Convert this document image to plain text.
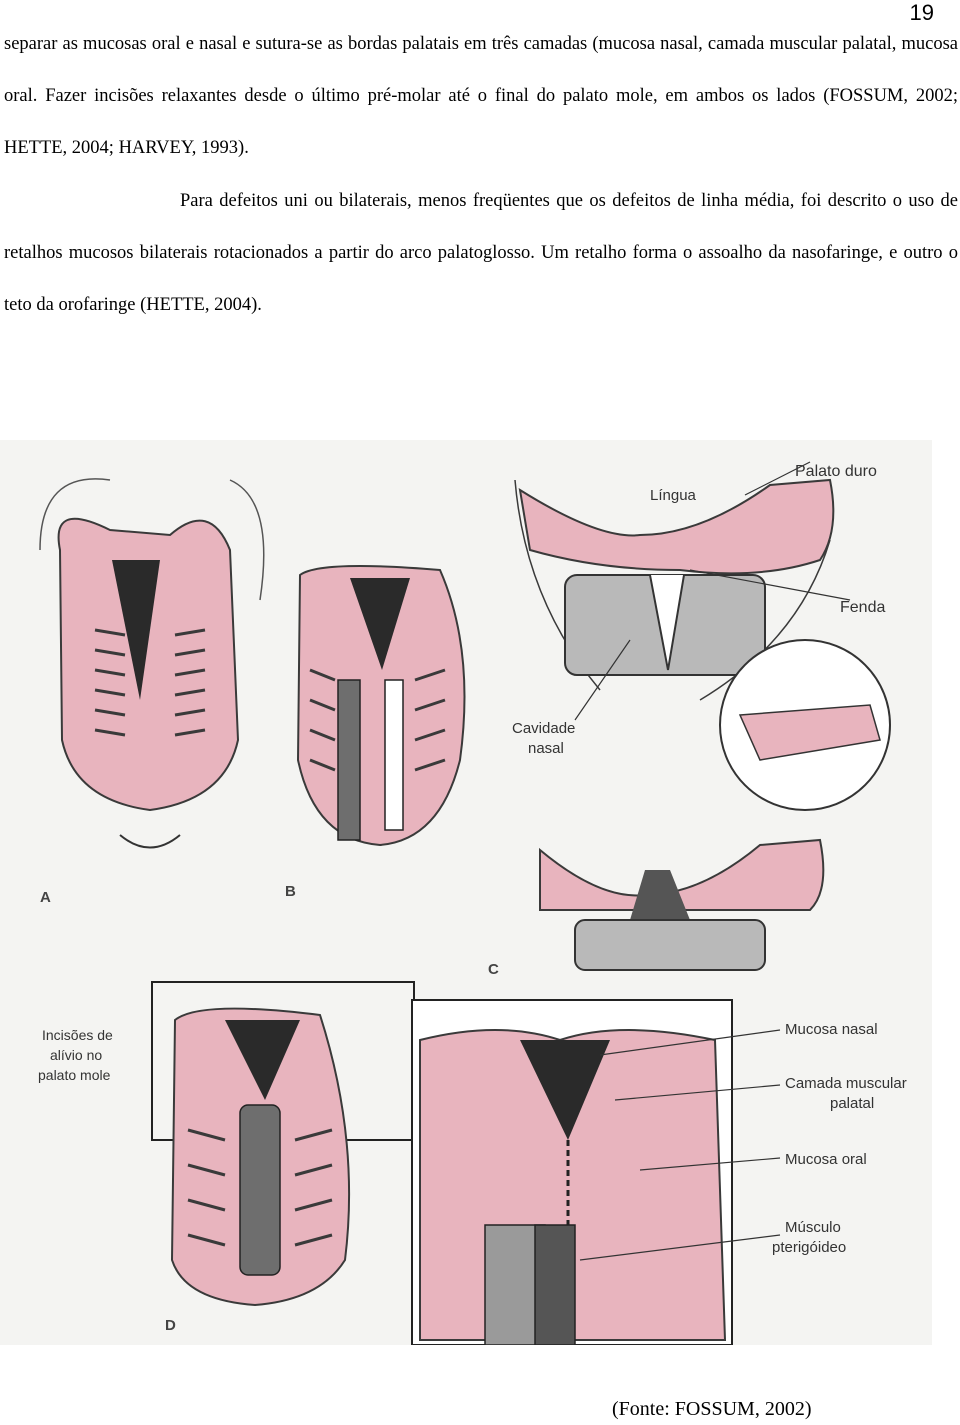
19

separar as mucosas oral e nasal e sutura-se as bordas palatais em três camadas (mucosa nasal, camada muscular palatal, mucosa oral. Fazer incisões relaxantes desde o último pré-molar até o final do palato mole, em ambos os lados (FOSSUM, 2002; HETTE, 2004; HARVEY, 1993).

Para defeitos uni ou bilaterais, menos freqüentes que os defeitos de linha média, foi descrito o uso de retalhos mucosos bilaterais rotacionados a partir do arco palatoglosso. Um retalho forma o assoalho da nasofaringe, e outro o teto da orofaringe (HETTE, 2004).

A	B
Palato duro
Língua
Fenda
Cavidade
nasal
C
Incisões de
alívio no
palato mole
Mucosa nasal
Camada muscular
palatal
Mucosa oral
Músculo
pterigóideo
D
(Fonte: FOSSUM, 2002)
